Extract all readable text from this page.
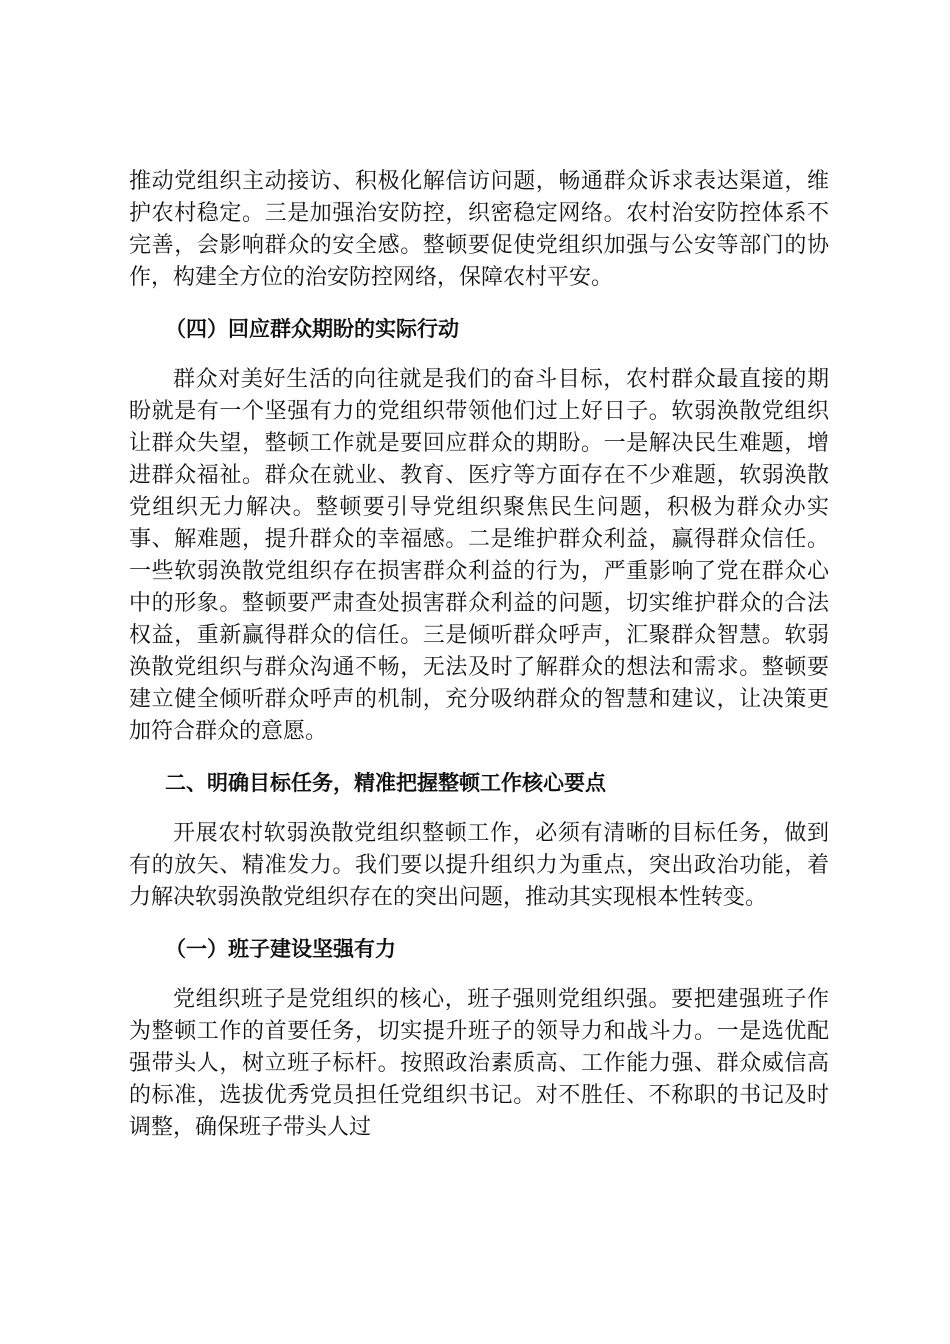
推动党组织主动接访、积极化解信访问题，畅通群众诉求表达渠道，维护农村稳定。三是加强治安防控，织密稳定网络。农村治安防控体系不完善，会影响群众的安全感。整顿要促使党组织加强与公安等部门的协作，构建全方位的治安防控网络，保障农村平安。

（四）回应群众期盼的实际行动

群众对美好生活的向往就是我们的奋斗目标，农村群众最直接的期盼就是有一个坚强有力的党组织带领他们过上好日子。软弱涣散党组织让群众失望，整顿工作就是要回应群众的期盼。一是解决民生难题，增进群众福祉。群众在就业、教育、医疗等方面存在不少难题，软弱涣散党组织无力解决。整顿要引导党组织聚焦民生问题，积极为群众办实事、解难题，提升群众的幸福感。二是维护群众利益，赢得群众信任。一些软弱涣散党组织存在损害群众利益的行为，严重影响了党在群众心中的形象。整顿要严肃查处损害群众利益的问题，切实维护群众的合法权益，重新赢得群众的信任。三是倾听群众呼声，汇聚群众智慧。软弱涣散党组织与群众沟通不畅，无法及时了解群众的想法和需求。整顿要建立健全倾听群众呼声的机制，充分吸纳群众的智慧和建议，让决策更加符合群众的意愿。

二、明确目标任务，精准把握整顿工作核心要点

开展农村软弱涣散党组织整顿工作，必须有清晰的目标任务，做到有的放矢、精准发力。我们要以提升组织力为重点，突出政治功能，着力解决软弱涣散党组织存在的突出问题，推动其实现根本性转变。

（一）班子建设坚强有力

党组织班子是党组织的核心，班子强则党组织强。要把建强班子作为整顿工作的首要任务，切实提升班子的领导力和战斗力。一是选优配强带头人，树立班子标杆。按照政治素质高、工作能力强、群众威信高的标准，选拔优秀党员担任党组织书记。对不胜任、不称职的书记及时调整，确保班子带头人过
